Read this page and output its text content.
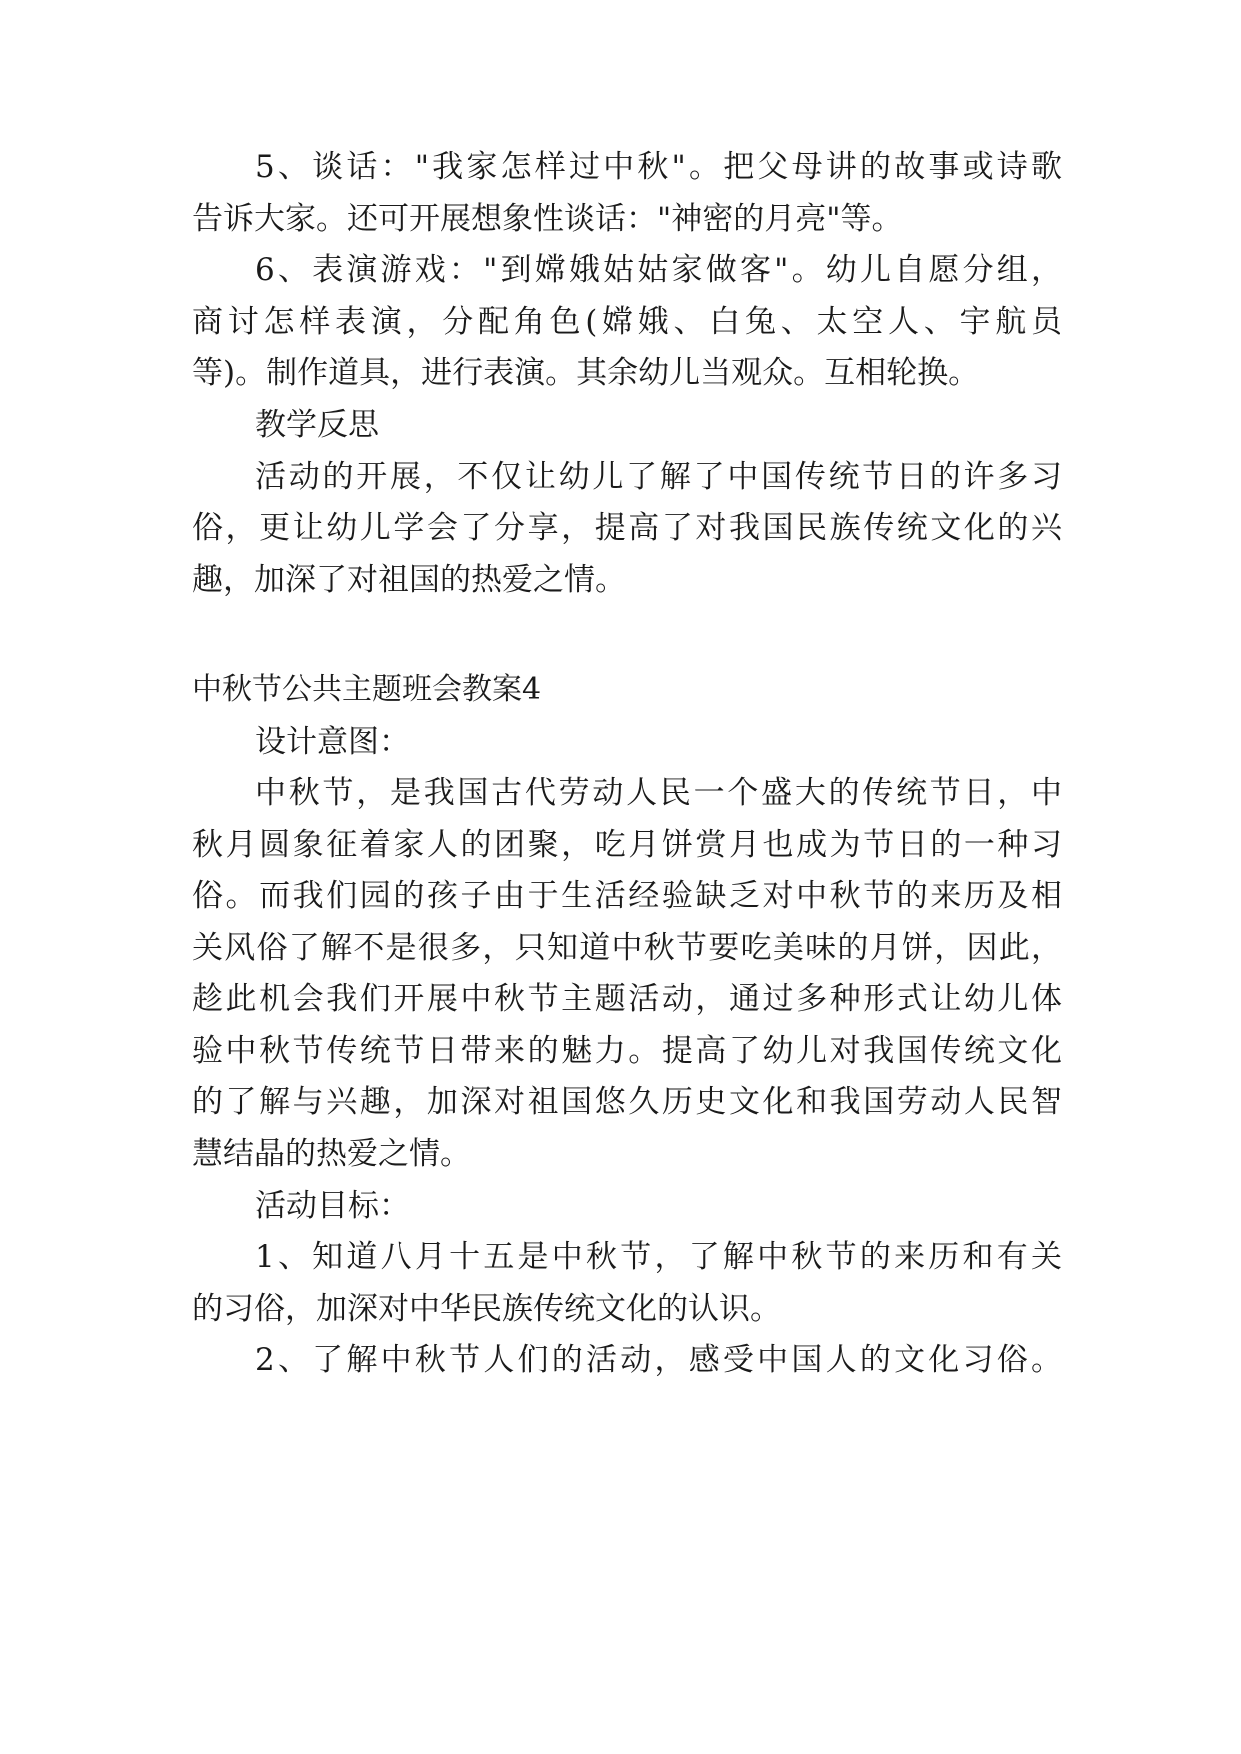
5、谈话："我家怎样过中秋"。把父母讲的故事或诗歌
告诉大家。还可开展想象性谈话："神密的月亮"等。
6、表演游戏："到嫦娥姑姑家做客"。幼儿自愿分组，
商讨怎样表演，分配角色(嫦娥、白兔、太空人、宇航员
等)。制作道具，进行表演。其余幼儿当观众。互相轮换。
教学反思
活动的开展，不仅让幼儿了解了中国传统节日的许多习
俗，更让幼儿学会了分享，提高了对我国民族传统文化的兴
趣，加深了对祖国的热爱之情。
中秋节公共主题班会教案4
设计意图：
中秋节，是我国古代劳动人民一个盛大的传统节日，中
秋月圆象征着家人的团聚，吃月饼赏月也成为节日的一种习
俗。而我们园的孩子由于生活经验缺乏对中秋节的来历及相
关风俗了解不是很多，只知道中秋节要吃美味的月饼，因此，
趁此机会我们开展中秋节主题活动，通过多种形式让幼儿体
验中秋节传统节日带来的魅力。提高了幼儿对我国传统文化
的了解与兴趣，加深对祖国悠久历史文化和我国劳动人民智
慧结晶的热爱之情。
活动目标：
1、知道八月十五是中秋节，了解中秋节的来历和有关
的习俗，加深对中华民族传统文化的认识。
2、了解中秋节人们的活动，感受中国人的文化习俗。
